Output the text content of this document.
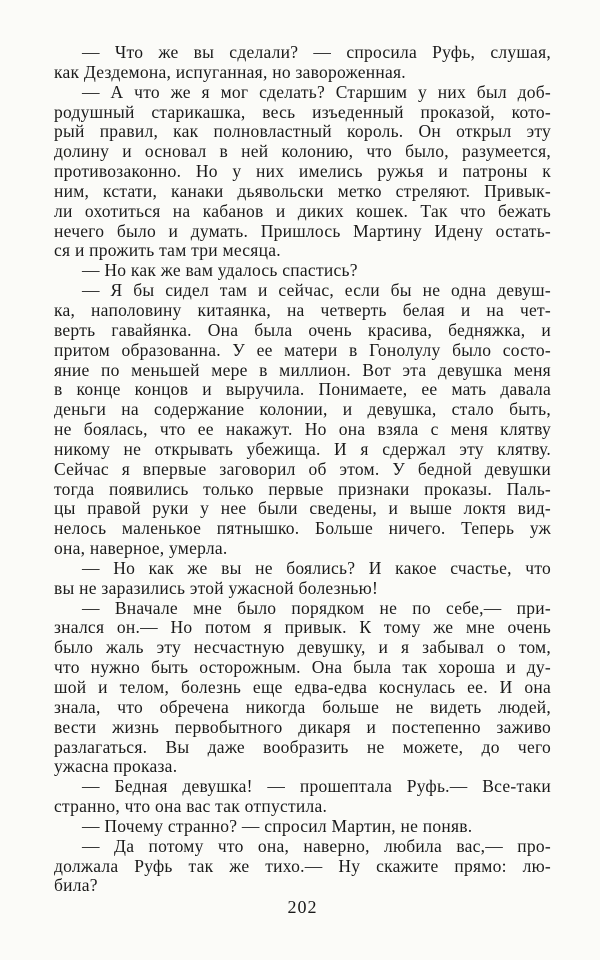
— Что же вы сделали? — спросила Руфь, слушая,
как Дездемона, испуганная, но завороженная.
— А что же я мог сделать? Старшим у них был доб-
родушный старикашка, весь изъеденный проказой, кото-
рый правил, как полновластный король. Он открыл эту
долину и основал в ней колонию, что было, разумеется,
противозаконно. Но у них имелись ружья и патроны к
ним, кстати, канаки дьявольски метко стреляют. Привык-
ли охотиться на кабанов и диких кошек. Так что бежать
нечего было и думать. Пришлось Мартину Идену остать-
ся и прожить там три месяца.
— Но как же вам удалось спастись?
— Я бы сидел там и сейчас, если бы не одна девуш-
ка, наполовину китаянка, на четверть белая и на чет-
верть гавайянка. Она была очень красива, бедняжка, и
притом образованна. У ее матери в Гонолулу было состо-
яние по меньшей мере в миллион. Вот эта девушка меня
в конце концов и выручила. Понимаете, ее мать давала
деньги на содержание колонии, и девушка, стало быть,
не боялась, что ее накажут. Но она взяла с меня клятву
никому не открывать убежища. И я сдержал эту клятву.
Сейчас я впервые заговорил об этом. У бедной девушки
тогда появились только первые признаки проказы. Паль-
цы правой руки у нее были сведены, и выше локтя вид-
нелось маленькое пятнышко. Больше ничего. Теперь уж
она, наверное, умерла.
— Но как же вы не боялись? И какое счастье, что
вы не заразились этой ужасной болезнью!
— Вначале мне было порядком не по себе,— при-
знался он.— Но потом я привык. К тому же мне очень
было жаль эту несчастную девушку, и я забывал о том,
что нужно быть осторожным. Она была так хороша и ду-
шой и телом, болезнь еще едва-едва коснулась ее. И она
знала, что обречена никогда больше не видеть людей,
вести жизнь первобытного дикаря и постепенно заживо
разлагаться. Вы даже вообразить не можете, до чего
ужасна проказа.
— Бедная девушка! — прошептала Руфь.— Все-таки
странно, что она вас так отпустила.
— Почему странно? — спросил Мартин, не поняв.
— Да потому что она, наверно, любила вас,— про-
должала Руфь так же тихо.— Ну скажите прямо: лю-
била?
202
